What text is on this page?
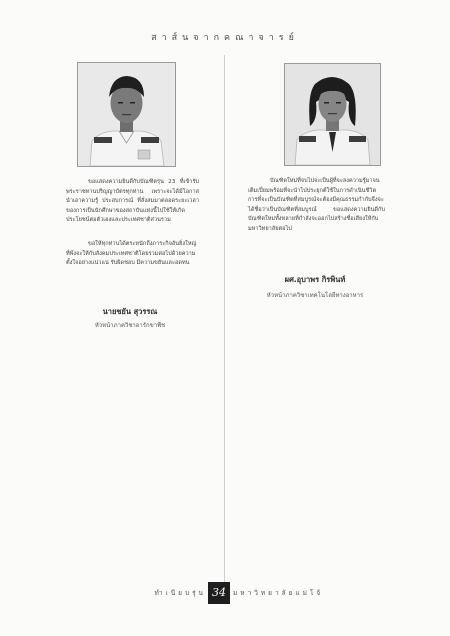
สาส์นจากคณาจารย์

ขอแสดงความยินดีกับบัณฑิตรุ่น 23 ที่เข้ารับพระราชทานปริญญาบัตรทุกท่าน เพราะจะได้มีโอกาสนำเอาความรู้ ประสบการณ์ ที่สั่งสมมาตลอดระยะเวลาของการเป็นนักศึกษาของสถาบันแห่งนี้ไปใช้ให้เกิดประโยชน์ต่อตัวเองและประเทศชาติส่วนรวม

ขอให้ทุกท่านได้ตระหนักถึงภาระกิจอันยิ่งใหญ่ที่พึงจะให้กับสังคมประเทศชาติโดยรวมต่อไปด้วยความตั้งใจอย่างแน่วแน่ รับผิดชอบ มีความขยันและอดทน

นายชยัน สุวรรณ
หัวหน้าภาควิชาอารักขาพืช

บัณฑิตใหม่ที่จบไปจะเป็นผู้ที่จะลงความรู้มาจนเต็มเปี่ยมพร้อมที่จะนำไปประยุกต์ใช้ในการดำเนินชีวิต การที่จะเป็นบัณฑิตที่สมบูรณ์จะต้องมีคุณธรรมกำกับจึงจะได้ชื่อว่าเป็นบัณฑิตที่สมบูรณ์ ขอแสดงความยินดีกับบัณฑิตใหม่ทั้งหลายที่กำลังจะออกไปสร้างชื่อเสียงให้กับมหาวิทยาลัยต่อไป

ผศ.อุบาพร กิรพินท์
หัวหน้าภาควิชาเทคโนโลยีทางอาหาร
ทำเนียบรุ่น 34	มหาวิทยาลัยแม่โจ้
